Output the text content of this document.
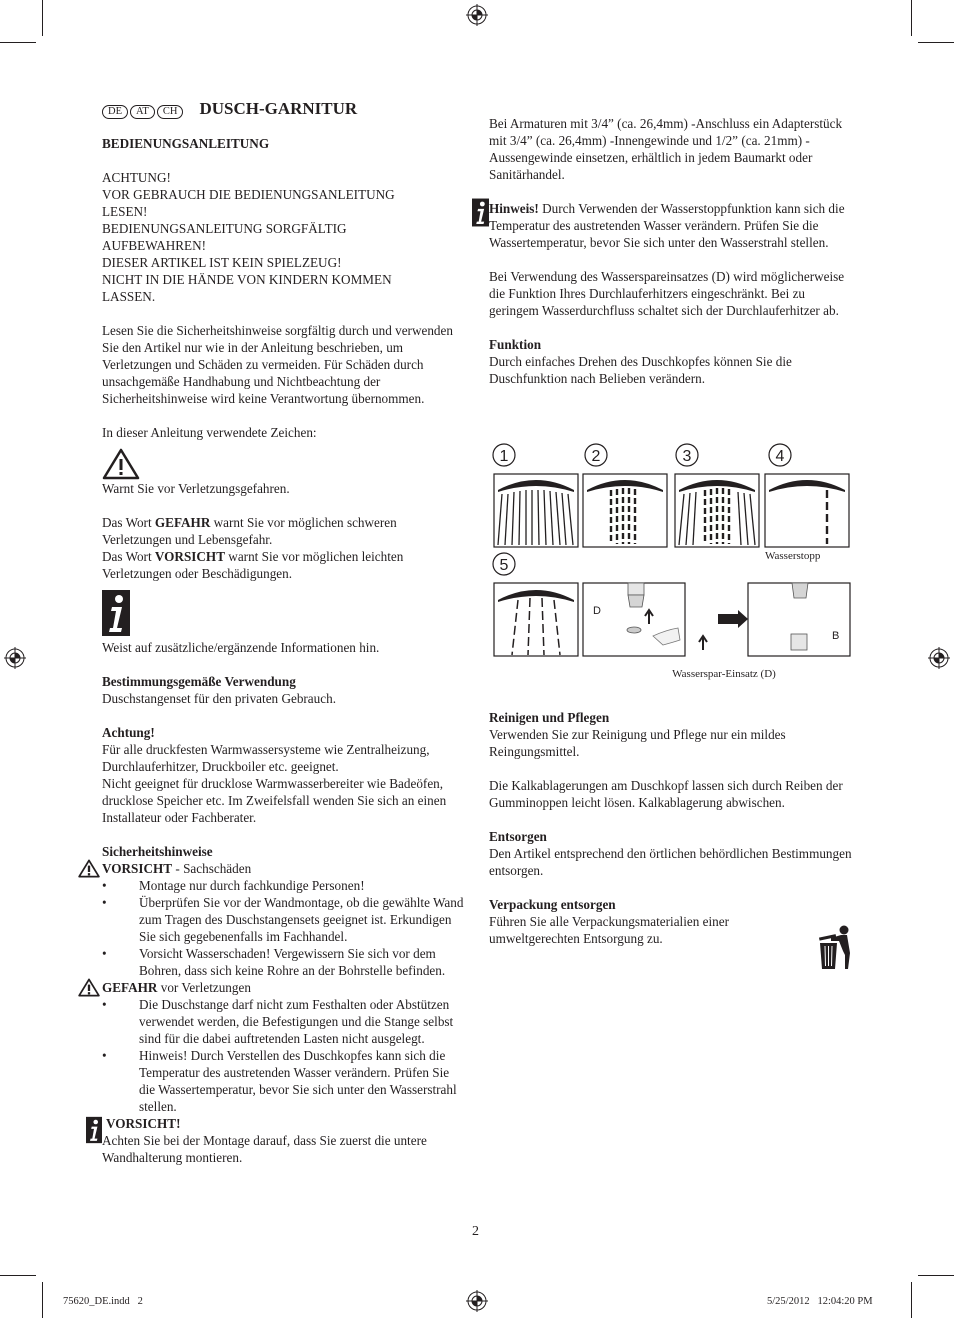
DE AT CH DUSCH-GARNITUR

BEDIENUNGSANLEITUNG

ACHTUNG!

VOR GEBRAUCH DIE BEDIENUNGSANLEITUNG

LESEN!

BEDIENUNGSANLEITUNG SORGFÄLTIG

AUFBEWAHREN!

DIESER ARTIKEL IST KEIN SPIELZEUG!

NICHT IN DIE HÄNDE VON KINDERN KOMMEN

LASSEN.

Lesen Sie die Sicherheitshinweise sorgfältig durch und verwenden Sie den Artikel nur wie in der Anleitung beschrieben, um Verletzungen und Schäden zu vermeiden. Für Schäden durch unsachgemäße Handhabung und Nichtbeachtung der Sicherheitshinweise wird keine Verantwortung übernommen.

In dieser Anleitung verwendete Zeichen:

Warnt Sie vor Verletzungsgefahren.

Das Wort GEFAHR warnt Sie vor möglichen schweren Verletzungen und Lebensgefahr.

Das Wort VORSICHT warnt Sie vor möglichen leichten Verletzungen oder Beschädigungen.

Weist auf zusätzliche/ergänzende Informationen hin.

Bestimmungsgemäße Verwendung

Duschstangenset für den privaten Gebrauch.

Achtung!

Für alle druckfesten Warmwassersysteme wie Zentralheizung, Durchlauferhitzer, Druckboiler etc. geeignet.

Nicht geeignet für drucklose Warmwasserbereiter wie Badeöfen, drucklose Speicher etc. Im Zweifelsfall wenden Sie sich an einen Installateur oder Fachberater.

Sicherheitshinweise

VORSICHT - Sachschäden

• Montage nur durch fachkundige Personen!
• Überprüfen Sie vor der Wandmontage, ob die gewählte Wand zum Tragen des Duschstangensets geeignet ist. Erkundigen Sie sich gegebenenfalls im Fachhandel.
• Vorsicht Wasserschaden! Vergewissern Sie sich vor dem Bohren, dass sich keine Rohre an der Bohrstelle befinden.

GEFAHR vor Verletzungen

• Die Duschstange darf nicht zum Festhalten oder Abstützen verwendet werden, die Befestigungen und die Stange selbst sind für die dabei auftretenden Lasten nicht ausgelegt.
• Hinweis! Durch Verstellen des Duschkopfes kann sich die Temperatur des austretenden Wasser verändern. Prüfen Sie die Wassertemperatur, bevor Sie sich unter den Wasserstrahl stellen.

VORSICHT!

Achten Sie bei der Montage darauf, dass Sie zuerst die untere Wandhalterung montieren.

Bei Armaturen mit 3/4” (ca. 26,4mm) -Anschluss ein Adapterstück mit 3/4” (ca. 26,4mm) -Innengewinde und 1/2” (ca. 21mm) -Aussengewinde einsetzen, erhältlich in jedem Baumarkt oder Sanitärhandel.

Hinweis! Durch Verwenden der Wasserstoppfunktion kann sich die Temperatur des austretenden Wasser verändern. Prüfen Sie die Wassertemperatur, bevor Sie sich unter den Wasserstrahl stellen.

Bei Verwendung des Wasserspareinsatzes (D) wird möglicherweise die Funktion Ihres Durchlauferhitzers eingeschränkt. Bei zu geringem Wasserdurchfluss schaltet sich der Durchlauferhitzer ab.

Funktion

Durch einfaches Drehen des Duschkopfes können Sie die Duschfunktion nach Belieben verändern.

1	2	3	4
5
Wasserstopp
D
B
Wasserspar-Einsatz (D)

Reinigen und Pflegen

Verwenden Sie zur Reinigung und Pflege nur ein mildes Reingungsmittel.

Die Kalkablagerungen am Duschkopf lassen sich durch Reiben der Gumminoppen leicht lösen. Kalkablagerung abwischen.

Entsorgen

Den Artikel entsprechend den örtlichen behördlichen Bestimmungen entsorgen.

Verpackung entsorgen

Führen Sie alle Verpackungsmaterialien einer umweltgerechten Entsorgung zu.

2
75620_DE.indd   2	5/25/2012   12:04:20 PM
